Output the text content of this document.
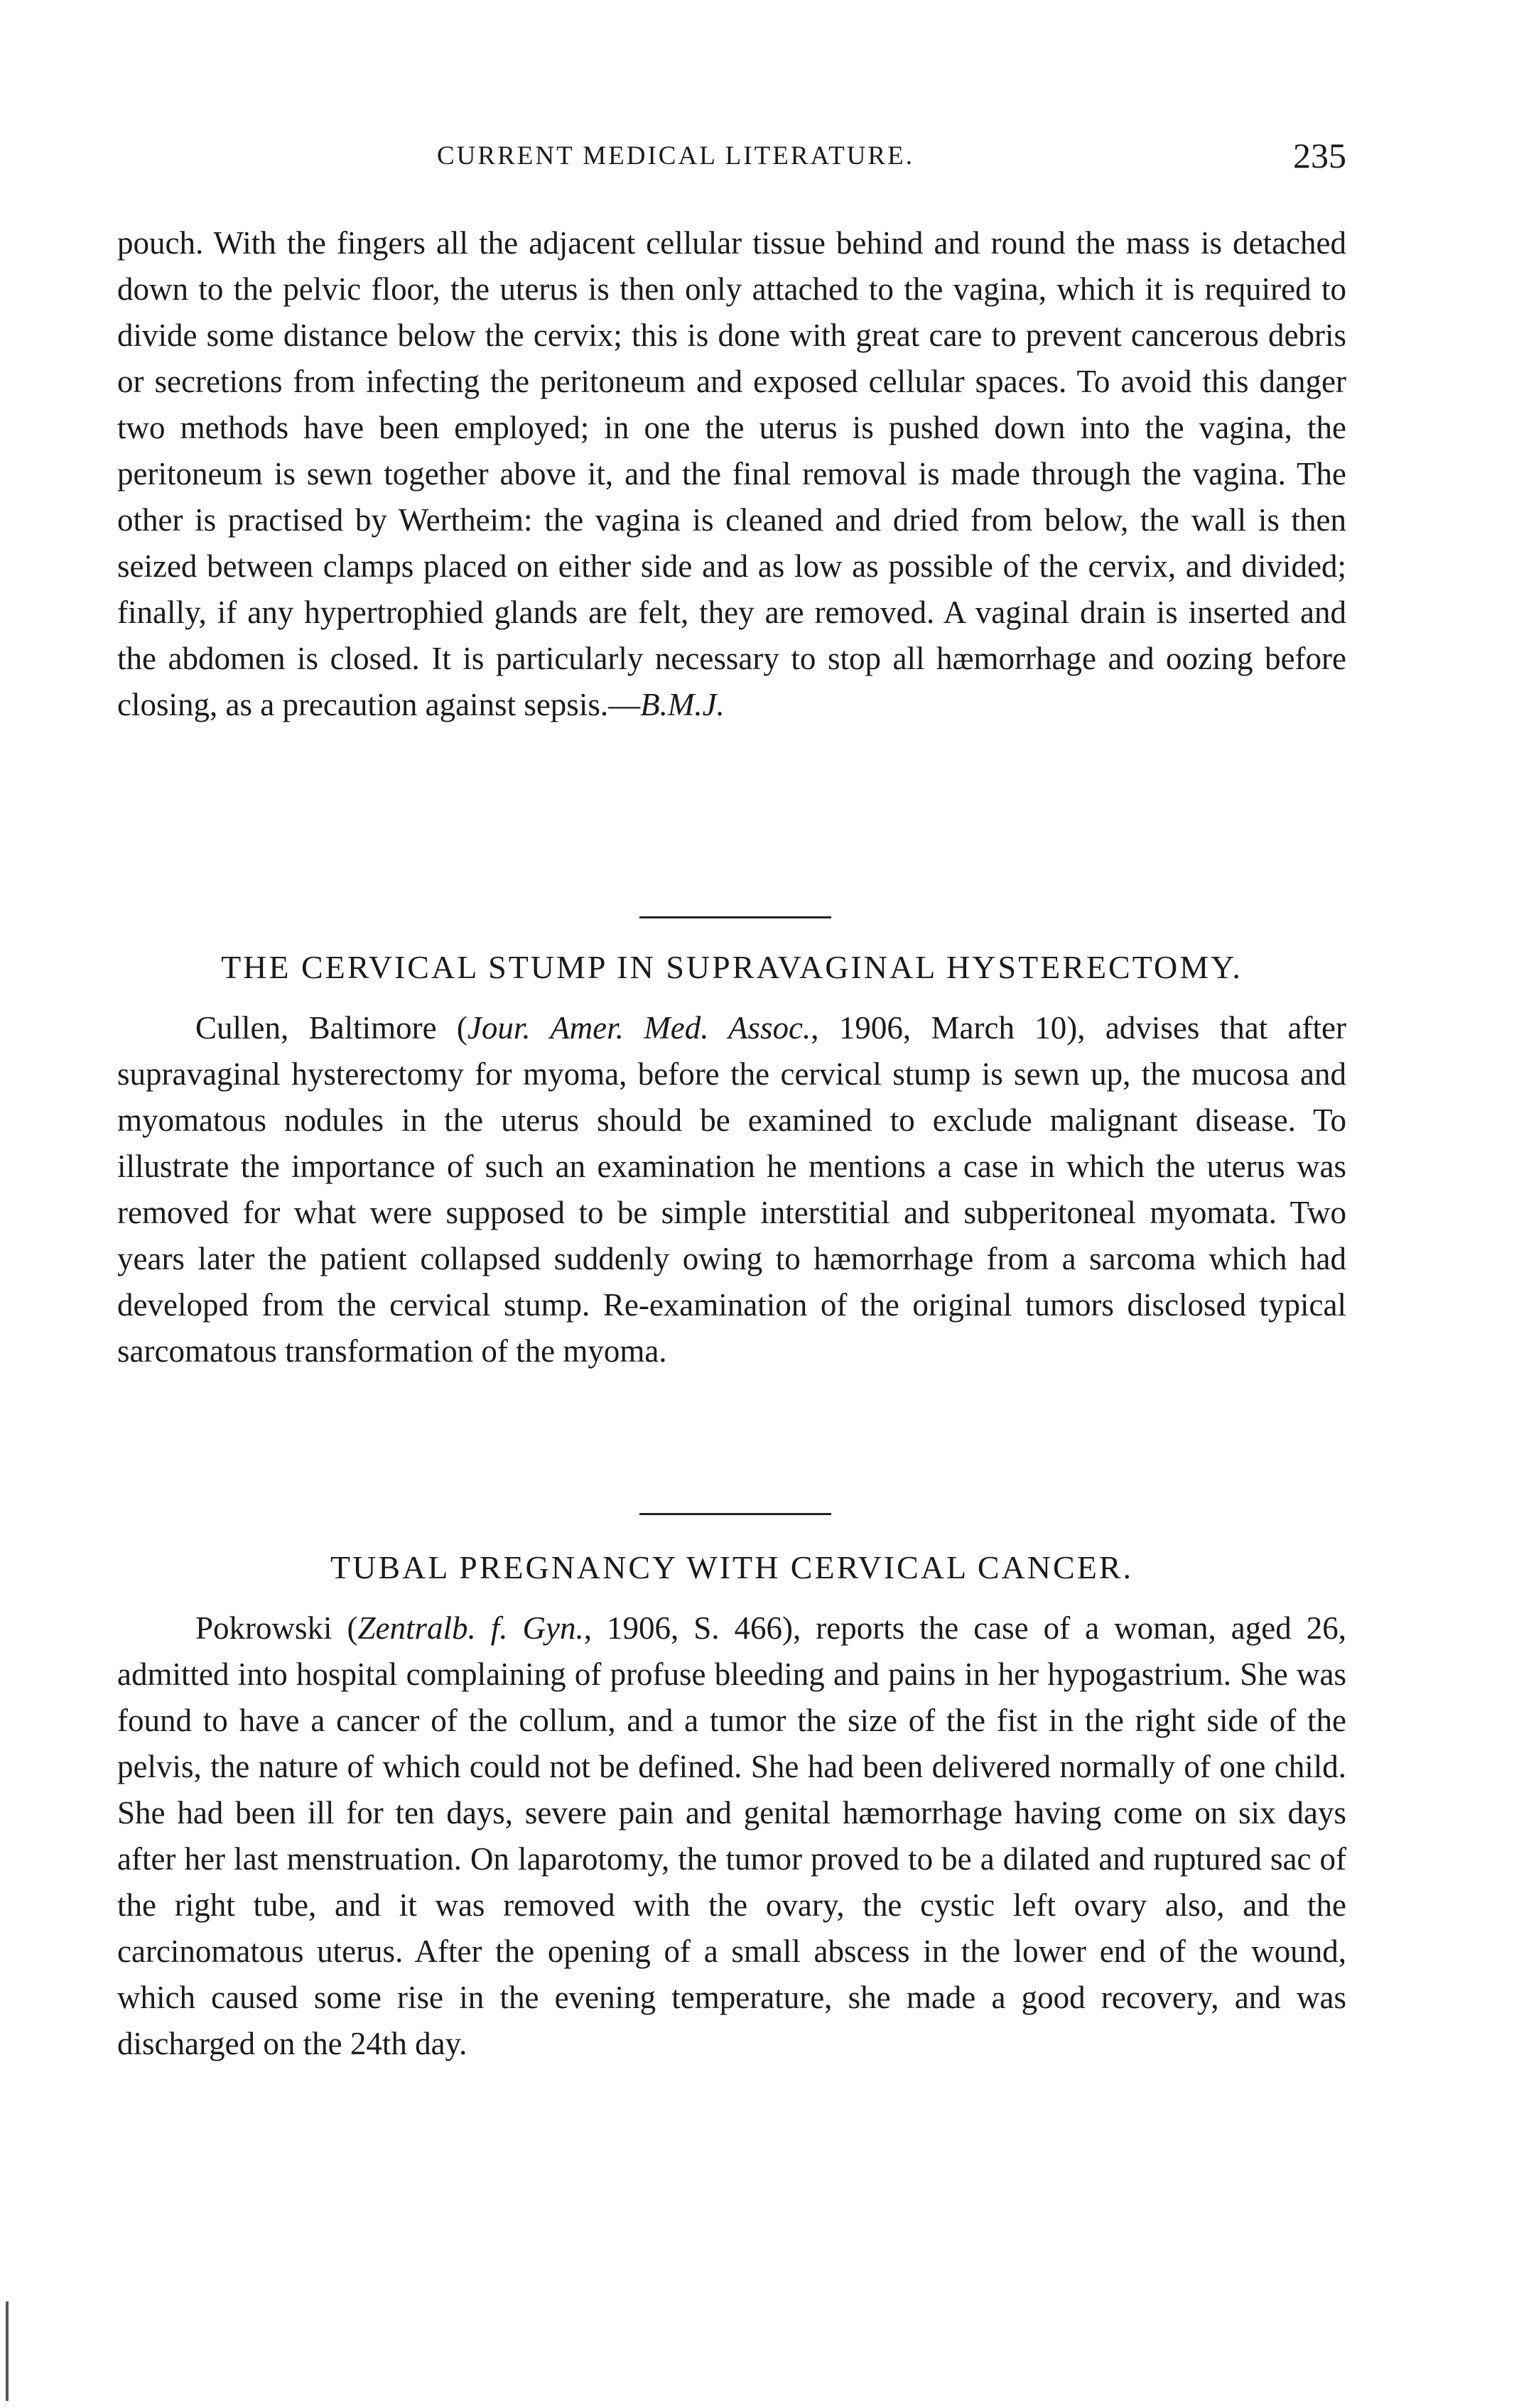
CURRENT MEDICAL LITERATURE.	235

pouch. With the fingers all the adjacent cellular tissue behind and round the mass is detached down to the pelvic floor, the uterus is then only attached to the vagina, which it is required to divide some distance below the cervix; this is done with great care to prevent cancerous debris or secretions from infecting the peritoneum and exposed cellular spaces. To avoid this danger two methods have been employed; in one the uterus is pushed down into the vagina, the peritoneum is sewn together above it, and the final removal is made through the vagina. The other is practised by Wertheim: the vagina is cleaned and dried from below, the wall is then seized between clamps placed on either side and as low as possible of the cervix, and divided; finally, if any hypertrophied glands are felt, they are removed. A vaginal drain is inserted and the abdomen is closed. It is particularly necessary to stop all hæmorrhage and oozing before closing, as a precaution against sepsis.—B.M.J.

THE CERVICAL STUMP IN SUPRAVAGINAL HYSTERECTOMY.

Cullen, Baltimore (Jour. Amer. Med. Assoc., 1906, March 10), advises that after supravaginal hysterectomy for myoma, before the cervical stump is sewn up, the mucosa and myomatous nodules in the uterus should be examined to exclude malignant disease. To illustrate the importance of such an examination he mentions a case in which the uterus was removed for what were supposed to be simple interstitial and subperitoneal myomata. Two years later the patient collapsed suddenly owing to hæmorrhage from a sarcoma which had developed from the cervical stump. Re-examination of the original tumors disclosed typical sarcomatous transformation of the myoma.

TUBAL PREGNANCY WITH CERVICAL CANCER.

Pokrowski (Zentralb. f. Gyn., 1906, S. 466), reports the case of a woman, aged 26, admitted into hospital complaining of profuse bleeding and pains in her hypogastrium. She was found to have a cancer of the collum, and a tumor the size of the fist in the right side of the pelvis, the nature of which could not be defined. She had been delivered normally of one child. She had been ill for ten days, severe pain and genital hæmorrhage having come on six days after her last menstruation. On laparotomy, the tumor proved to be a dilated and ruptured sac of the right tube, and it was removed with the ovary, the cystic left ovary also, and the carcinomatous uterus. After the opening of a small abscess in the lower end of the wound, which caused some rise in the evening temperature, she made a good recovery, and was discharged on the 24th day.
